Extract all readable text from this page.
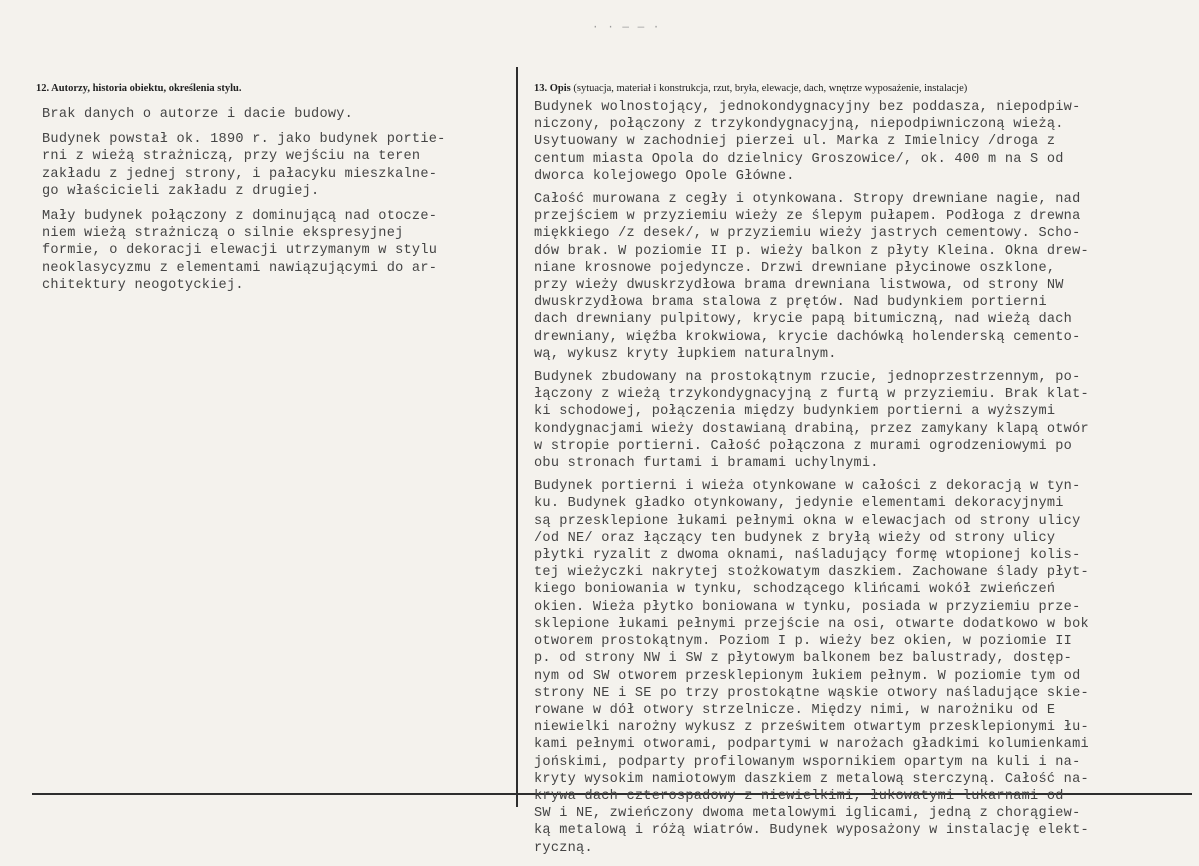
· · — — ·
12. Autorzy, historia obiektu, określenia stylu.	13. Opis (sytuacja, materiał i konstrukcja, rzut, bryła, elewacje, dach, wnętrze wyposażenie, instalacje)

Brak danych o autorze i dacie budowy.

Budynek powstał ok. 1890 r. jako budynek portie-

rni z wieżą strażniczą, przy wejściu na teren

zakładu z jednej strony, i pałacyku mieszkalne-

go właścicieli zakładu z drugiej.

Mały budynek połączony z dominującą nad otocze-

niem wieżą strażniczą o silnie ekspresyjnej

formie, o dekoracji elewacji utrzymanym w stylu

neoklasycyzmu z elementami nawiązującymi do ar-

chitektury neogotyckiej.

Budynek wolnostojący, jednokondygnacyjny bez poddasza, niepodpiw-

niczony, połączony z trzykondygnacyjną, niepodpiwniczoną wieżą.

Usytuowany w zachodniej pierzei ul. Marka z Imielnicy /droga z

centum miasta Opola do dzielnicy Groszowice/, ok. 400 m na S od

dworca kolejowego Opole Główne.

Całość murowana z cegły i otynkowana. Stropy drewniane nagie, nad

przejściem w przyziemiu wieży ze ślepym pułapem. Podłoga z drewna

miękkiego /z desek/, w przyziemiu wieży jastrych cementowy. Scho-

dów brak. W poziomie II p. wieży balkon z płyty Kleina. Okna drew-

niane krosnowe pojedyncze. Drzwi drewniane płycinowe oszklone,

przy wieży dwuskrzydłowa brama drewniana listwowa, od strony NW

dwuskrzydłowa brama stalowa z prętów. Nad budynkiem portierni

dach drewniany pulpitowy, krycie papą bitumiczną, nad wieżą dach

drewniany, więźba krokwiowa, krycie dachówką holenderską cemento-

wą, wykusz kryty łupkiem naturalnym.

Budynek zbudowany na prostokątnym rzucie, jednoprzestrzennym, po-

łączony z wieżą trzykondygnacyjną z furtą w przyziemiu. Brak klat-

ki schodowej, połączenia między budynkiem portierni a wyższymi

kondygnacjami wieży dostawianą drabiną, przez zamykany klapą otwór

w stropie portierni. Całość połączona z murami ogrodzeniowymi po

obu stronach furtami i bramami uchylnymi.

Budynek portierni i wieża otynkowane w całości z dekoracją w tyn-

ku. Budynek gładko otynkowany, jedynie elementami dekoracyjnymi

są przesklepione łukami pełnymi okna w elewacjach od strony ulicy

/od NE/ oraz łączący ten budynek z bryłą wieży od strony ulicy

płytki ryzalit z dwoma oknami, naśladujący formę wtopionej kolis-

tej wieżyczki nakrytej stożkowatym daszkiem. Zachowane ślady płyt-

kiego boniowania w tynku, schodzącego klińcami wokół zwieńczeń

okien. Wieża płytko boniowana w tynku, posiada w przyziemiu prze-

sklepione łukami pełnymi przejście na osi, otwarte dodatkowo w bok

otworem prostokątnym. Poziom I p. wieży bez okien, w poziomie II

p. od strony NW i SW z płytowym balkonem bez balustrady, dostęp-

nym od SW otworem przesklepionym łukiem pełnym. W poziomie tym od

strony NE i SE po trzy prostokątne wąskie otwory naśladujące skie-

rowane w dół otwory strzelnicze. Między nimi, w narożniku od E

niewielki narożny wykusz z prześwitem otwartym przesklepionymi łu-

kami pełnymi otworami, podpartymi w narożach gładkimi kolumienkami

jońskimi, podparty profilowanym wspornikiem opartym na kuli i na-

kryty wysokim namiotowym daszkiem z metalową sterczyną. Całość na-

krywa dach czterospadowy z niewielkimi, łukowatymi lukarnami od

SW i NE, zwieńczony dwoma metalowymi iglicami, jedną z chorągiew-

ką metalową i różą wiatrów. Budynek wyposażony w instalację elekt-

ryczną.
